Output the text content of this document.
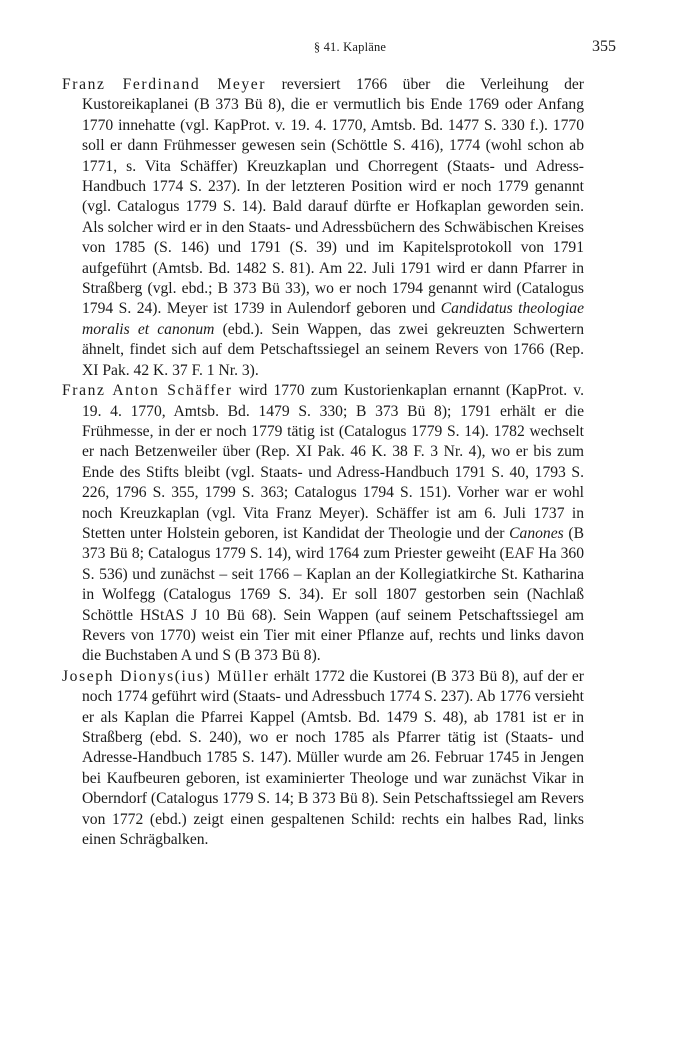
§ 41. Kapläne	355

Franz Ferdinand Meyer reversiert 1766 über die Verleihung der Kustoreikaplanei (B 373 Bü 8), die er vermutlich bis Ende 1769 oder Anfang 1770 innehatte (vgl. KapProt. v. 19. 4. 1770, Amtsb. Bd. 1477 S. 330 f.). 1770 soll er dann Frühmesser gewesen sein (Schöttle S. 416), 1774 (wohl schon ab 1771, s. Vita Schäffer) Kreuzkaplan und Chorregent (Staats- und Adress-Handbuch 1774 S. 237). In der letzteren Position wird er noch 1779 genannt (vgl. Catalogus 1779 S. 14). Bald darauf dürfte er Hofkaplan geworden sein. Als solcher wird er in den Staats- und Adressbüchern des Schwäbischen Kreises von 1785 (S. 146) und 1791 (S. 39) und im Kapitelsprotokoll von 1791 aufgeführt (Amtsb. Bd. 1482 S. 81). Am 22. Juli 1791 wird er dann Pfarrer in Straßberg (vgl. ebd.; B 373 Bü 33), wo er noch 1794 genannt wird (Catalogus 1794 S. 24). Meyer ist 1739 in Aulendorf geboren und Candidatus theologiae moralis et canonum (ebd.). Sein Wappen, das zwei gekreuzten Schwertern ähnelt, findet sich auf dem Petschaftssiegel an seinem Revers von 1766 (Rep. XI Pak. 42 K. 37 F. 1 Nr. 3).

Franz Anton Schäffer wird 1770 zum Kustorienkaplan ernannt (KapProt. v. 19. 4. 1770, Amtsb. Bd. 1479 S. 330; B 373 Bü 8); 1791 erhält er die Frühmesse, in der er noch 1779 tätig ist (Catalogus 1779 S. 14). 1782 wechselt er nach Betzenweiler über (Rep. XI Pak. 46 K. 38 F. 3 Nr. 4), wo er bis zum Ende des Stifts bleibt (vgl. Staats- und Adress-Handbuch 1791 S. 40, 1793 S. 226, 1796 S. 355, 1799 S. 363; Catalogus 1794 S. 151). Vorher war er wohl noch Kreuzkaplan (vgl. Vita Franz Meyer). Schäffer ist am 6. Juli 1737 in Stetten unter Holstein geboren, ist Kandidat der Theologie und der Canones (B 373 Bü 8; Catalogus 1779 S. 14), wird 1764 zum Priester geweiht (EAF Ha 360 S. 536) und zunächst – seit 1766 – Kaplan an der Kollegiatkirche St. Katharina in Wolfegg (Catalogus 1769 S. 34). Er soll 1807 gestorben sein (Nachlaß Schöttle HStAS J 10 Bü 68). Sein Wappen (auf seinem Petschaftssiegel am Revers von 1770) weist ein Tier mit einer Pflanze auf, rechts und links davon die Buchstaben A und S (B 373 Bü 8).

Joseph Dionys(ius) Müller erhält 1772 die Kustorei (B 373 Bü 8), auf der er noch 1774 geführt wird (Staats- und Adressbuch 1774 S. 237). Ab 1776 versieht er als Kaplan die Pfarrei Kappel (Amtsb. Bd. 1479 S. 48), ab 1781 ist er in Straßberg (ebd. S. 240), wo er noch 1785 als Pfarrer tätig ist (Staats- und Adresse-Handbuch 1785 S. 147). Müller wurde am 26. Februar 1745 in Jengen bei Kaufbeuren geboren, ist examinierter Theologe und war zunächst Vikar in Oberndorf (Catalogus 1779 S. 14; B 373 Bü 8). Sein Petschaftssiegel am Revers von 1772 (ebd.) zeigt einen gespaltenen Schild: rechts ein halbes Rad, links einen Schrägbalken.
